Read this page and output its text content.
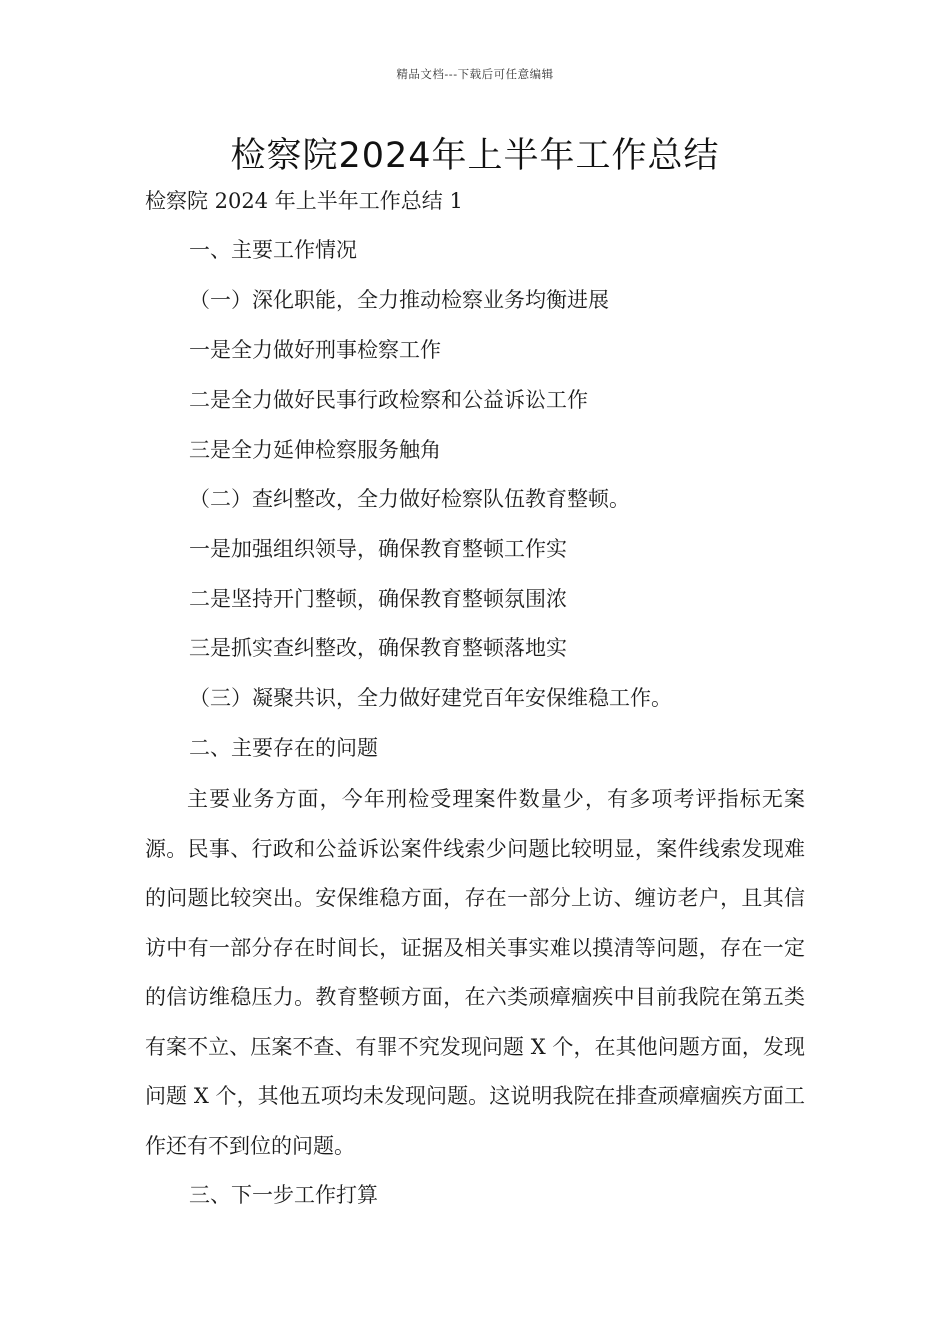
精品文档---下载后可任意编辑
检察院2024年上半年工作总结
检察院 2024 年上半年工作总结 1
一、主要工作情况
（一）深化职能，全力推动检察业务均衡进展
一是全力做好刑事检察工作
二是全力做好民事行政检察和公益诉讼工作
三是全力延伸检察服务触角
（二）查纠整改，全力做好检察队伍教育整顿。
一是加强组织领导，确保教育整顿工作实
二是坚持开门整顿，确保教育整顿氛围浓
三是抓实查纠整改，确保教育整顿落地实
（三）凝聚共识，全力做好建党百年安保维稳工作。
二、主要存在的问题

主要业务方面，今年刑检受理案件数量少，有多项考评指标无案源。民事、行政和公益诉讼案件线索少问题比较明显，案件线索发现难的问题比较突出。安保维稳方面，存在一部分上访、缠访老户，且其信访中有一部分存在时间长，证据及相关事实难以摸清等问题，存在一定的信访维稳压力。教育整顿方面，在六类顽瘴痼疾中目前我院在第五类有案不立、压案不查、有罪不究发现问题 X 个，在其他问题方面，发现问题 X 个，其他五项均未发现问题。这说明我院在排查顽瘴痼疾方面工作还有不到位的问题。

三、下一步工作打算
